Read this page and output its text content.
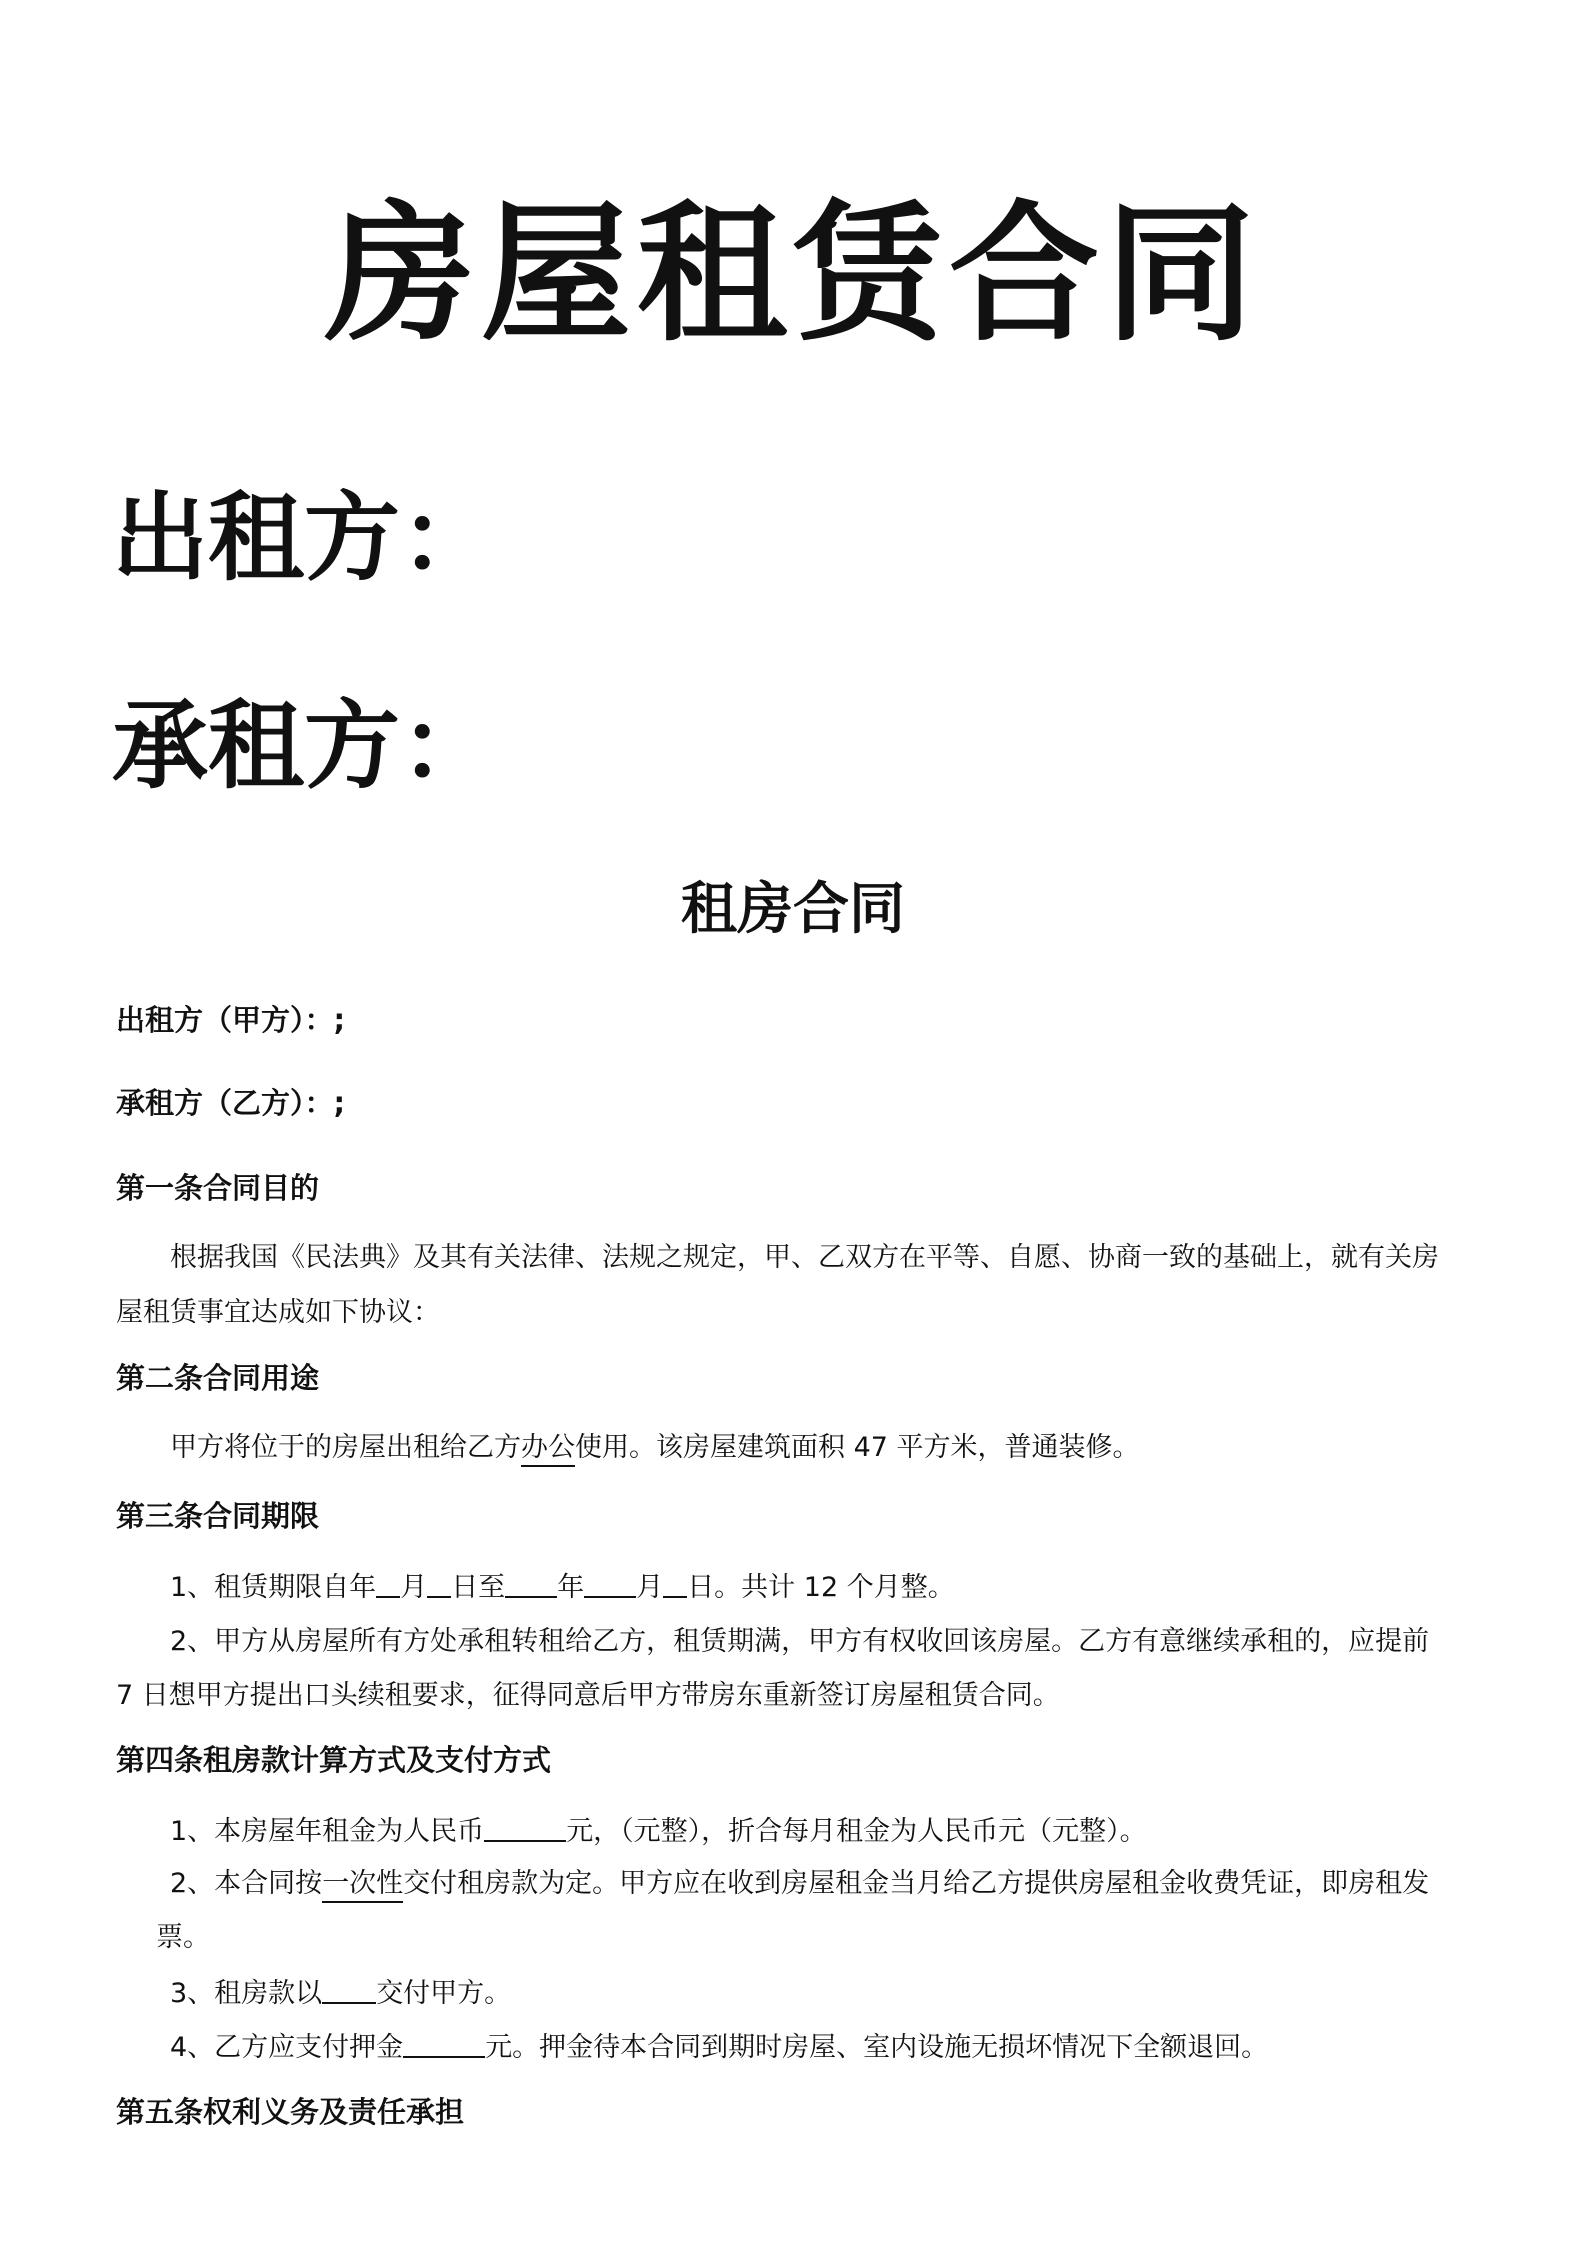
房屋租赁合同
出租方：
承租方：
租房合同
出租方（甲方）：;
承租方（乙方）：;
第一条合同目的
根据我国《民法典》及其有关法律、法规之规定，甲、乙双方在平等、自愿、协商一致的基础上，就有关房
屋租赁事宜达成如下协议：
第二条合同用途
甲方将位于的房屋出租给乙方办公使用。该房屋建筑面积 47 平方米，普通装修。
第三条合同期限
1、租赁期限自年 月 日至 年 月 日。共计 12 个月整。
2、甲方从房屋所有方处承租转租给乙方，租赁期满，甲方有权收回该房屋。乙方有意继续承租的，应提前
7 日想甲方提出口头续租要求，征得同意后甲方带房东重新签订房屋租赁合同。
第四条租房款计算方式及支付方式
1、本房屋年租金为人民币	元，（元整），折合每月租金为人民币元（元整）。
2、本合同按一次性交付租房款为定。甲方应在收到房屋租金当月给乙方提供房屋租金收费凭证，即房租发
票。
3、租房款以 交付甲方。
4、乙方应支付押金	元。押金待本合同到期时房屋、室内设施无损坏情况下全额退回。
第五条权利义务及责任承担
